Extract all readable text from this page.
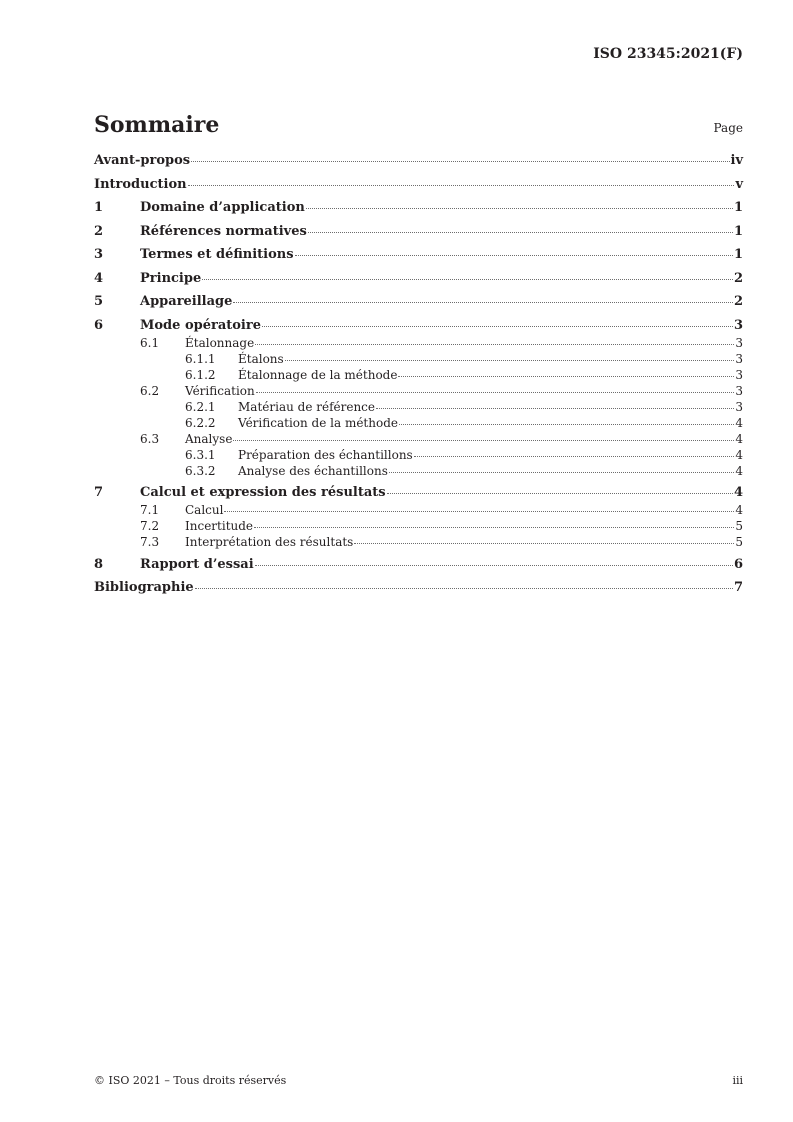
ISO 23345:2021(F)
Sommaire	Page
Avant-propos	iv
Introduction	v
1	Domaine d’application	1
2	Références normatives	1
3	Termes et définitions	1
4	Principe	2
5	Appareillage	2
6	Mode opératoire	3
6.1	Étalonnage	3
6.1.1	Étalons	3
6.1.2	Étalonnage de la méthode	3
6.2	Vérification	3
6.2.1	Matériau de référence	3
6.2.2	Vérification de la méthode	4
6.3	Analyse	4
6.3.1	Préparation des échantillons	4
6.3.2	Analyse des échantillons	4
7	Calcul et expression des résultats	4
7.1	Calcul	4
7.2	Incertitude	5
7.3	Interprétation des résultats	5
8	Rapport d’essai	6
Bibliographie	7
© ISO 2021 – Tous droits réservés	iii
